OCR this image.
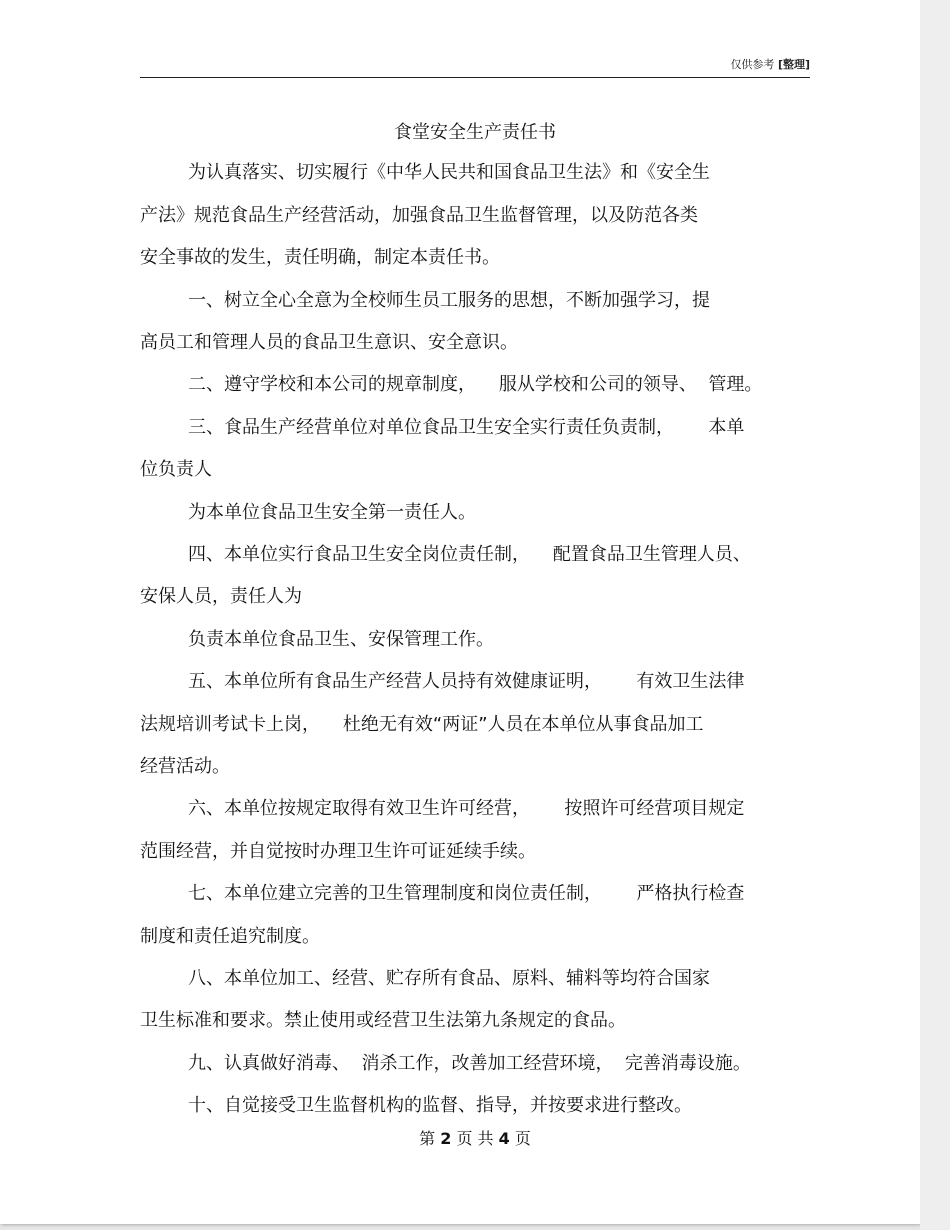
仅供参考 [整理]
食堂安全生产责任书
为认真落实、切实履行《中华人民共和国食品卫生法》和《安全生
产法》规范食品生产经营活动，加强食品卫生监督管理，以及防范各类
安全事故的发生，责任明确，制定本责任书。
一、树立全心全意为全校师生员工服务的思想，不断加强学习，提
高员工和管理人员的食品卫生意识、安全意识。
二、遵守学校和本公司的规章制度，    服从学校和公司的领导、  管理。
三、食品生产经营单位对单位食品卫生安全实行责任负责制，      本单
位负责人
为本单位食品卫生安全第一责任人。
四、本单位实行食品卫生安全岗位责任制，    配置食品卫生管理人员、
安保人员，责任人为
负责本单位食品卫生、安保管理工作。
五、本单位所有食品生产经营人员持有效健康证明，      有效卫生法律
法规培训考试卡上岗，    杜绝无有效“两证”人员在本单位从事食品加工
经营活动。
六、本单位按规定取得有效卫生许可经营，      按照许可经营项目规定
范围经营，并自觉按时办理卫生许可证延续手续。
七、本单位建立完善的卫生管理制度和岗位责任制，      严格执行检查
制度和责任追究制度。
八、本单位加工、经营、贮存所有食品、原料、辅料等均符合国家
卫生标准和要求。禁止使用或经营卫生法第九条规定的食品。
九、认真做好消毒、  消杀工作，改善加工经营环境，  完善消毒设施。
十、自觉接受卫生监督机构的监督、指导，并按要求进行整改。
第 2 页 共 4 页
